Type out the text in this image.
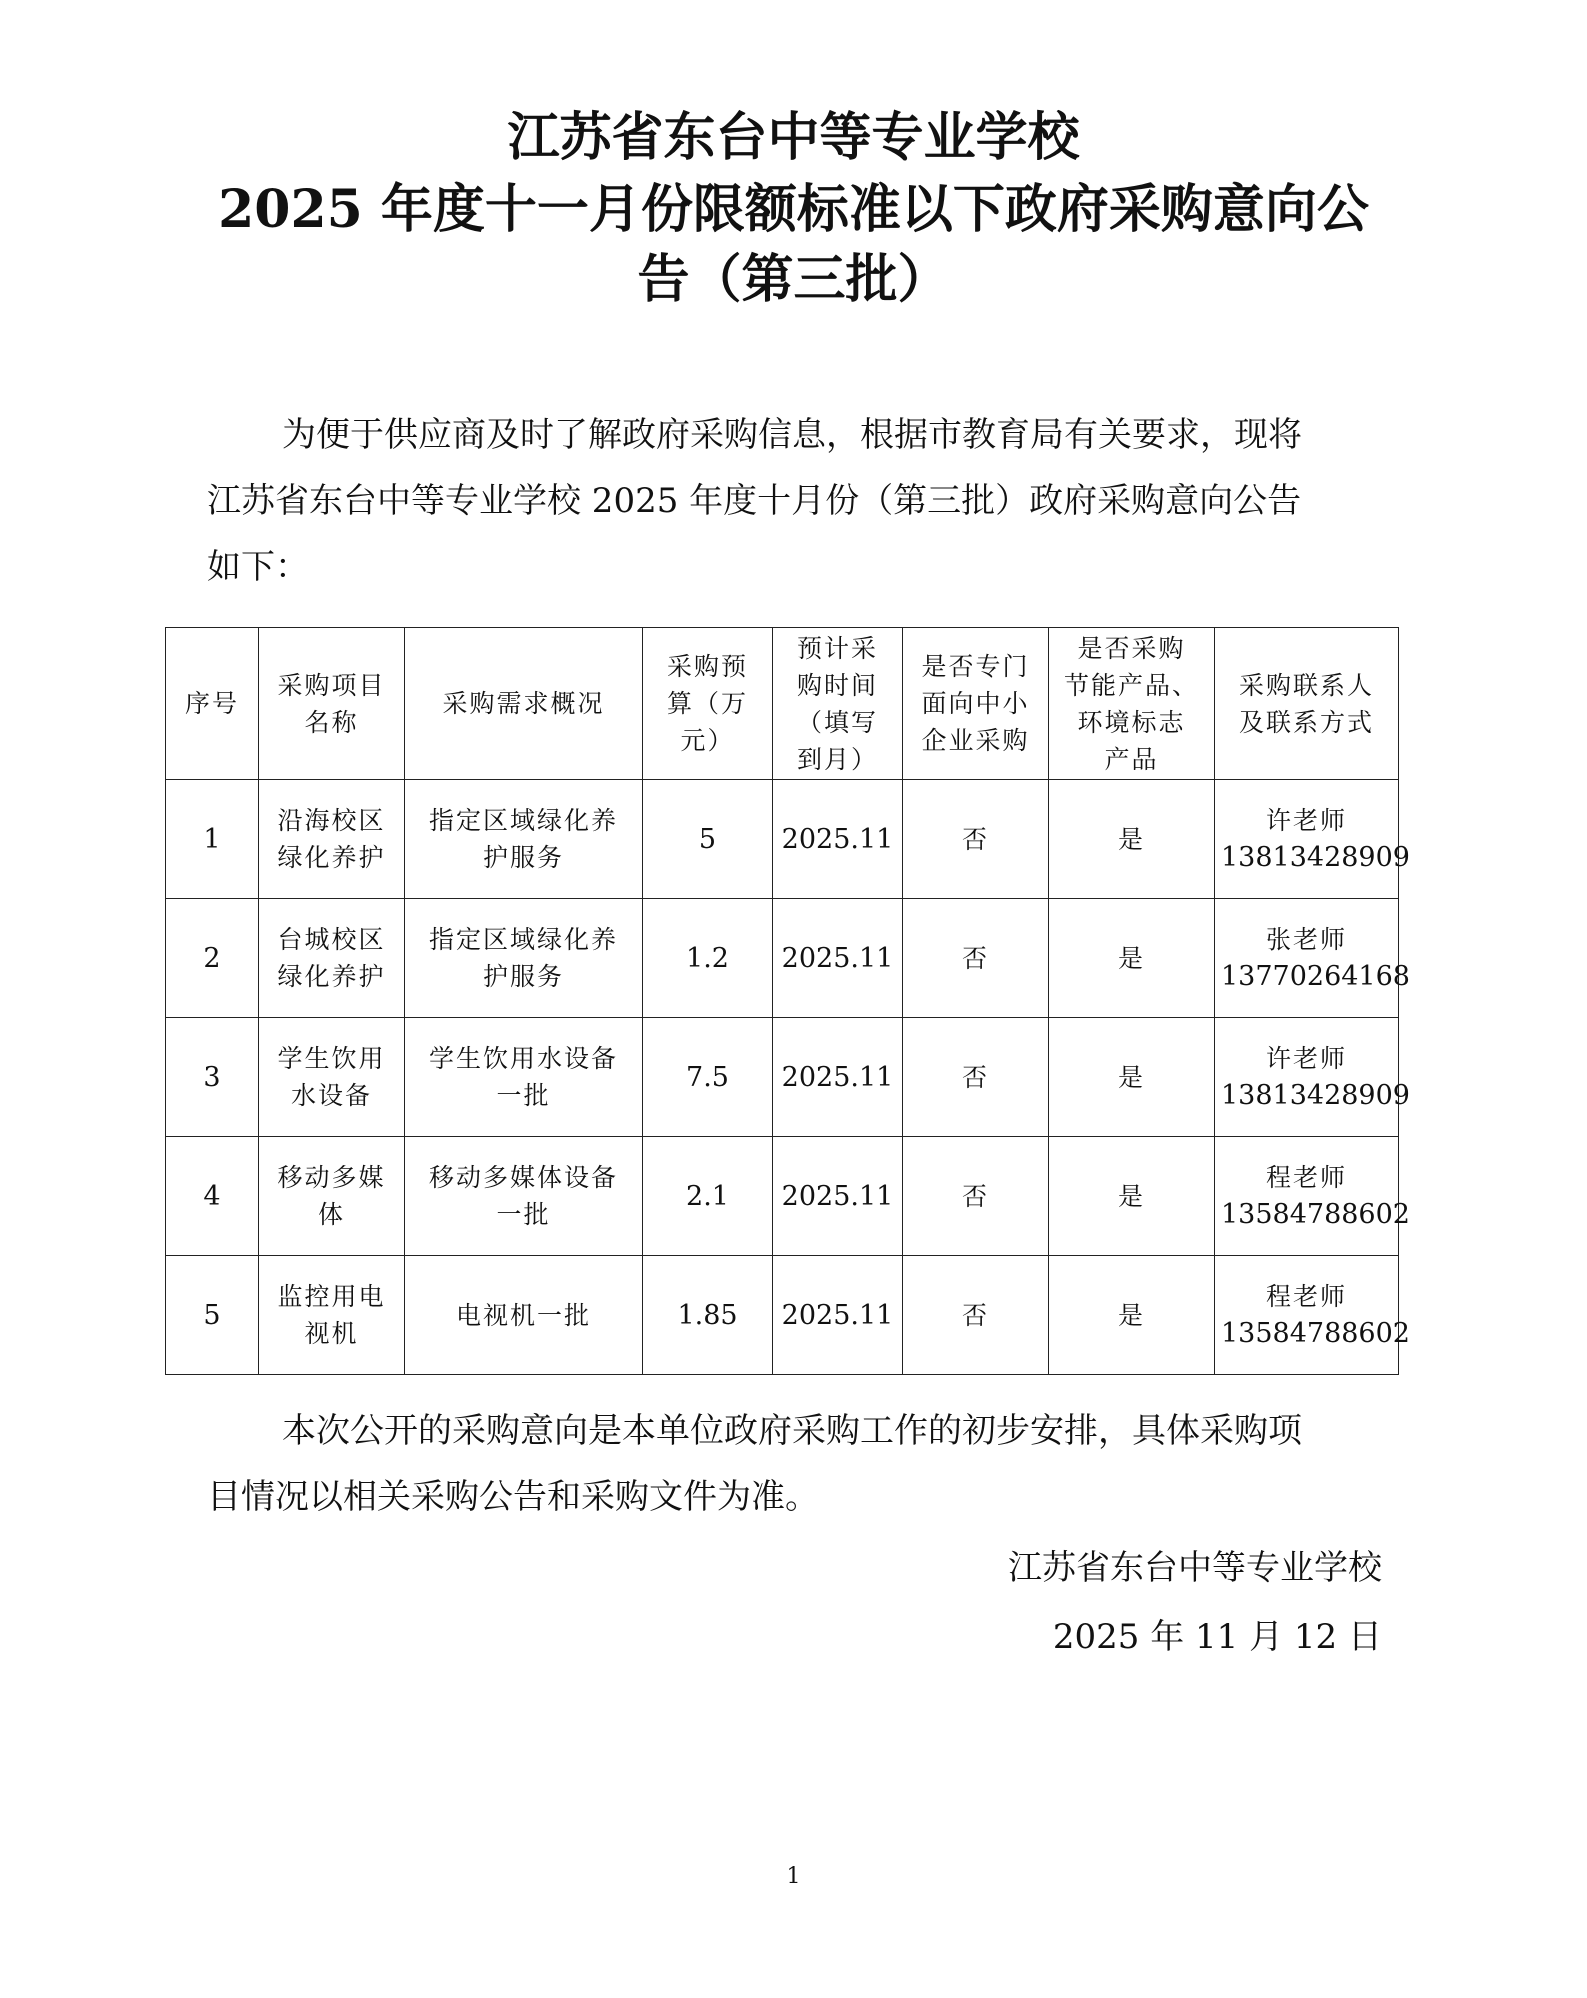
江苏省东台中等专业学校
2025 年度十一月份限额标准以下政府采购意向公
告（第三批）
为便于供应商及时了解政府采购信息，根据市教育局有关要求，现将
江苏省东台中等专业学校 2025 年度十月份（第三批）政府采购意向公告
如下：
序号	采购项目
名称	采购需求概况	采购预
算（万
元）	预计采
购时间
（填写
到月）	是否专门
面向中小
企业采购	是否采购
节能产品、
环境标志
产品	采购联系人
及联系方式
1	沿海校区
绿化养护	指定区域绿化养
护服务	5	2025.11	否	是	许老师
13813428909
2	台城校区
绿化养护	指定区域绿化养
护服务	1.2	2025.11	否	是	张老师
13770264168
3	学生饮用
水设备	学生饮用水设备
一批	7.5	2025.11	否	是	许老师
13813428909
4	移动多媒
体	移动多媒体设备
一批	2.1	2025.11	否	是	程老师
13584788602
5	监控用电
视机	电视机一批	1.85	2025.11	否	是	程老师
13584788602
本次公开的采购意向是本单位政府采购工作的初步安排，具体采购项
目情况以相关采购公告和采购文件为准。
江苏省东台中等专业学校
2025 年 11 月 12 日
1
